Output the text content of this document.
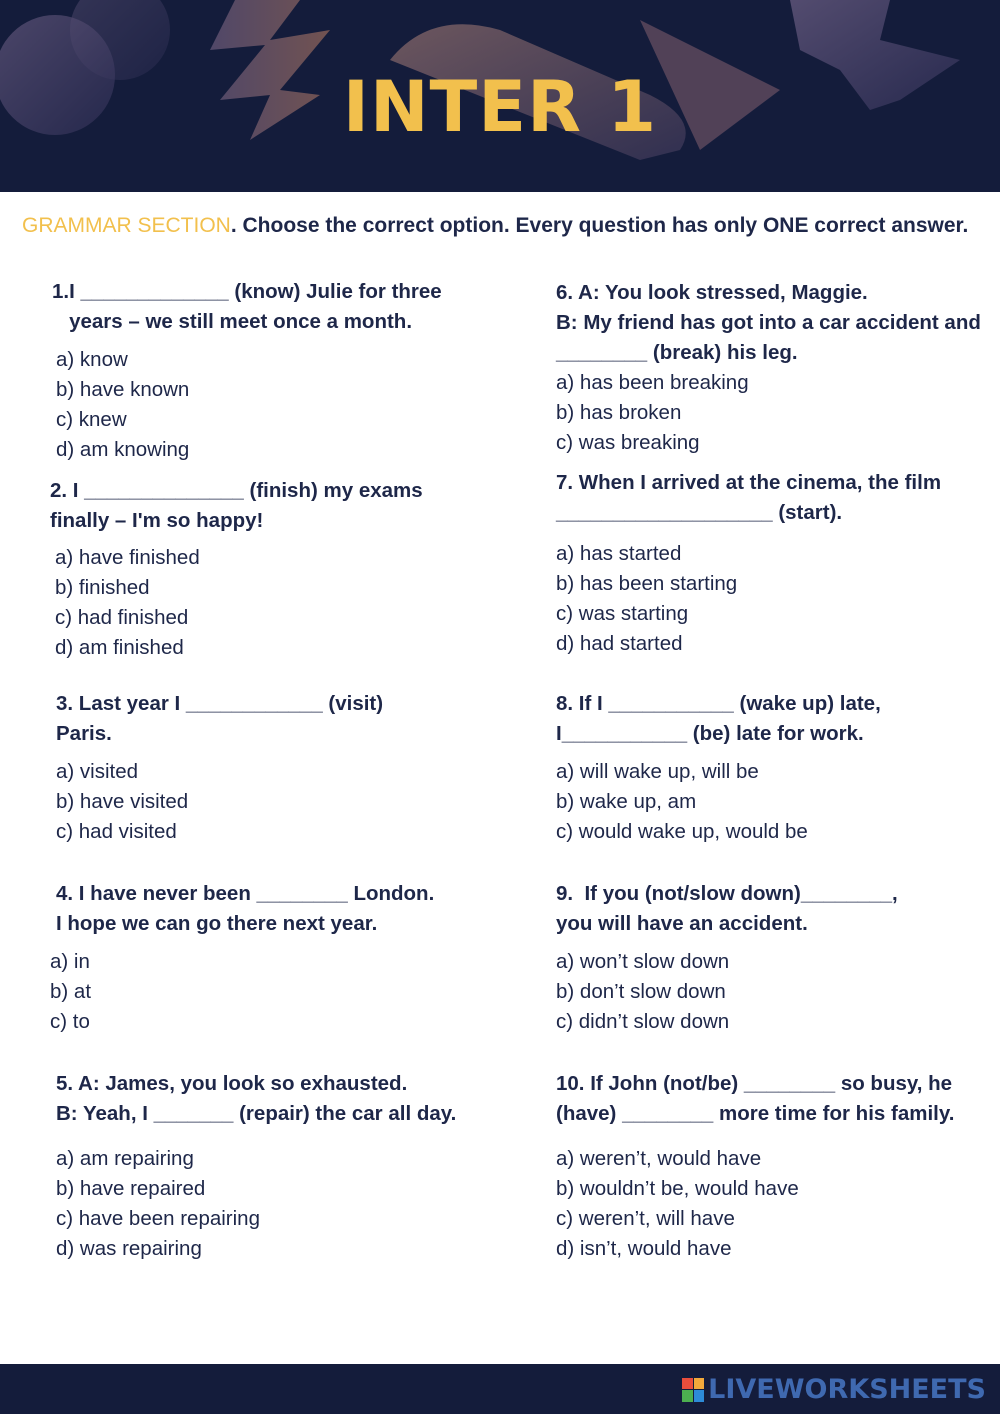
INTER 1
GRAMMAR SECTION. Choose the correct option. Every question has only ONE correct answer.
1.I _____________ (know) Julie for three
years – we still meet once a month.
a) know
b) have known
c) knew
d) am knowing
2. I ______________ (finish) my exams
finally – I'm so happy!
a) have finished
b) finished
c) had finished
d) am finished
3. Last year I ____________ (visit)
Paris.
a) visited
b) have visited
c) had visited
4. I have never been ________ London.
I hope we can go there next year.
a) in
b) at
c) to
5. A: James, you look so exhausted.
B: Yeah, I _______ (repair) the car all day.
a) am repairing
b) have repaired
c) have been repairing
d) was repairing
6. A: You look stressed, Maggie.
B: My friend has got into a car accident and
________ (break) his leg.
a) has been breaking
b) has broken
c) was breaking
7. When I arrived at the cinema, the film
___________________ (start).
a) has started
b) has been starting
c) was starting
d) had started
8. If I ___________ (wake up) late,
I___________ (be) late for work.
a) will wake up, will be
b) wake up, am
c) would wake up, would be
9.  If you (not/slow down)________,
you will have an accident.
a) won’t slow down
b) don’t slow down
c) didn’t slow down
10. If John (not/be) ________ so busy, he
(have) ________ more time for his family.
a) weren’t, would have
b) wouldn’t be, would have
c) weren’t, will have
d) isn’t, would have
LIVEWORKSHEETS
